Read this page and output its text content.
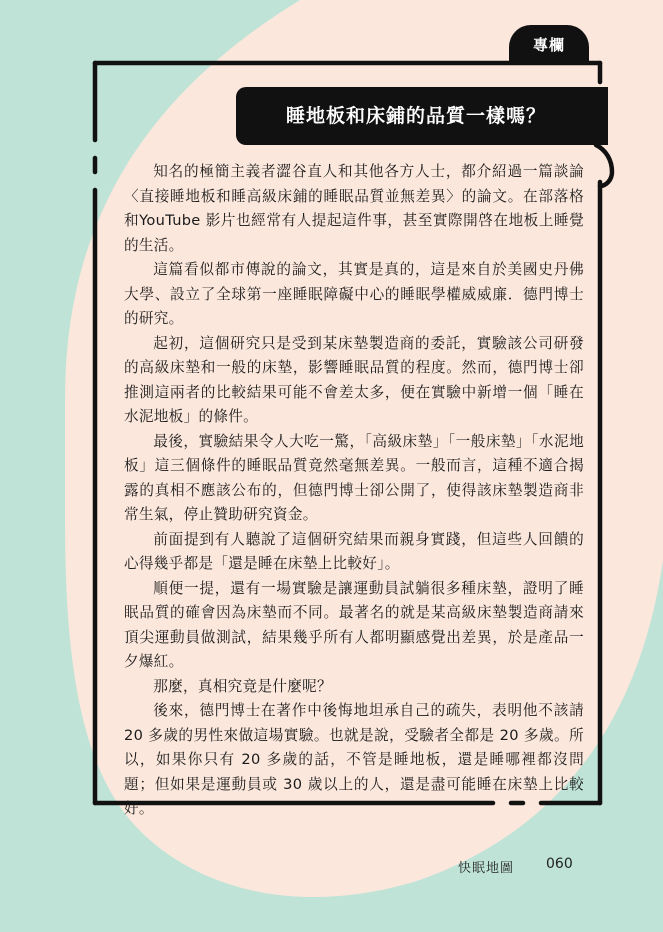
專欄
睡地板和床鋪的品質一樣嗎？

知名的極簡主義者澀谷直人和其他各方人士，都介紹過一篇談論〈直接睡地板和睡高級床鋪的睡眠品質並無差異〉的論文。在部落格和YouTube 影片也經常有人提起這件事，甚至實際開啓在地板上睡覺的生活。

這篇看似都市傳說的論文，其實是真的，這是來自於美國史丹佛大學、設立了全球第一座睡眠障礙中心的睡眠學權威威廉．德門博士的研究。

起初，這個研究只是受到某床墊製造商的委託，實驗該公司研發的高級床墊和一般的床墊，影響睡眠品質的程度。然而，德門博士卻推測這兩者的比較結果可能不會差太多，便在實驗中新增一個「睡在水泥地板」的條件。

最後，實驗結果令人大吃一驚，「高級床墊」「一般床墊」「水泥地板」這三個條件的睡眠品質竟然毫無差異。一般而言，這種不適合揭露的真相不應該公布的，但德門博士卻公開了，使得該床墊製造商非常生氣，停止贊助研究資金。

前面提到有人聽說了這個研究結果而親身實踐，但這些人回饋的心得幾乎都是「還是睡在床墊上比較好」。

順便一提，還有一場實驗是讓運動員試躺很多種床墊，證明了睡眠品質的確會因為床墊而不同。最著名的就是某高級床墊製造商請來頂尖運動員做測試，結果幾乎所有人都明顯感覺出差異，於是產品一夕爆紅。

那麼，真相究竟是什麼呢？

後來，德門博士在著作中後悔地坦承自己的疏失，表明他不該請20 多歲的男性來做這場實驗。也就是說，受驗者全都是 20 多歲。所以，如果你只有 20 多歲的話，不管是睡地板，還是睡哪裡都沒問題；但如果是運動員或 30 歲以上的人，還是盡可能睡在床墊上比較好。

快眠地圖 060
